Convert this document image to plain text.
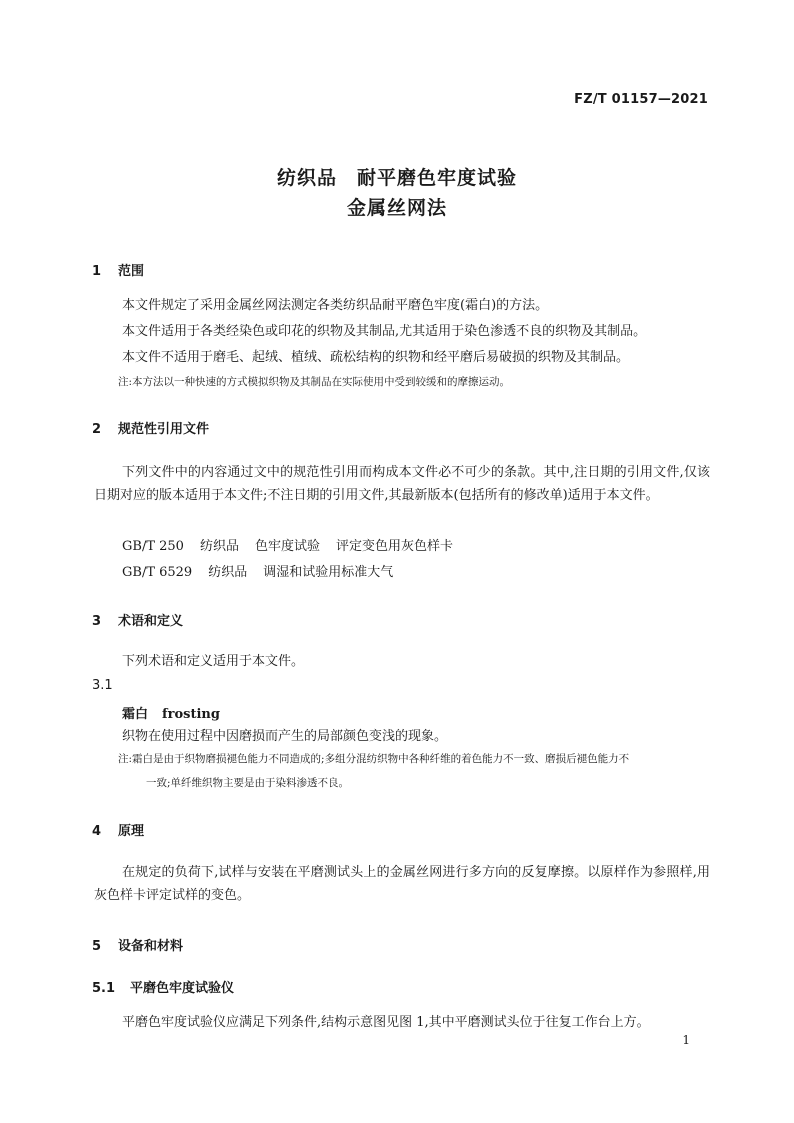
FZ/T 01157—2021
纺织品　耐平磨色牢度试验
金属丝网法
1 范围
本文件规定了采用金属丝网法测定各类纺织品耐平磨色牢度(霜白)的方法。
本文件适用于各类经染色或印花的织物及其制品,尤其适用于染色渗透不良的织物及其制品。
本文件不适用于磨毛、起绒、植绒、疏松结构的织物和经平磨后易破损的织物及其制品。
注:本方法以一种快速的方式模拟织物及其制品在实际使用中受到较缓和的摩擦运动。
2 规范性引用文件
下列文件中的内容通过文中的规范性引用而构成本文件必不可少的条款。其中,注日期的引用文件,仅该日期对应的版本适用于本文件;不注日期的引用文件,其最新版本(包括所有的修改单)适用于本文件。
GB/T 250 纺织品 色牢度试验 评定变色用灰色样卡
GB/T 6529 纺织品 调湿和试验用标准大气
3 术语和定义
下列术语和定义适用于本文件。
3.1
霜白 frosting
织物在使用过程中因磨损而产生的局部颜色变浅的现象。
注:霜白是由于织物磨损褪色能力不同造成的;多组分混纺织物中各种纤维的着色能力不一致、磨损后褪色能力不
一致;单纤维织物主要是由于染料渗透不良。
4 原理
在规定的负荷下,试样与安装在平磨测试头上的金属丝网进行多方向的反复摩擦。以原样作为参照样,用灰色样卡评定试样的变色。
5 设备和材料
5.1 平磨色牢度试验仪
平磨色牢度试验仪应满足下列条件,结构示意图见图 1,其中平磨测试头位于往复工作台上方。
1
